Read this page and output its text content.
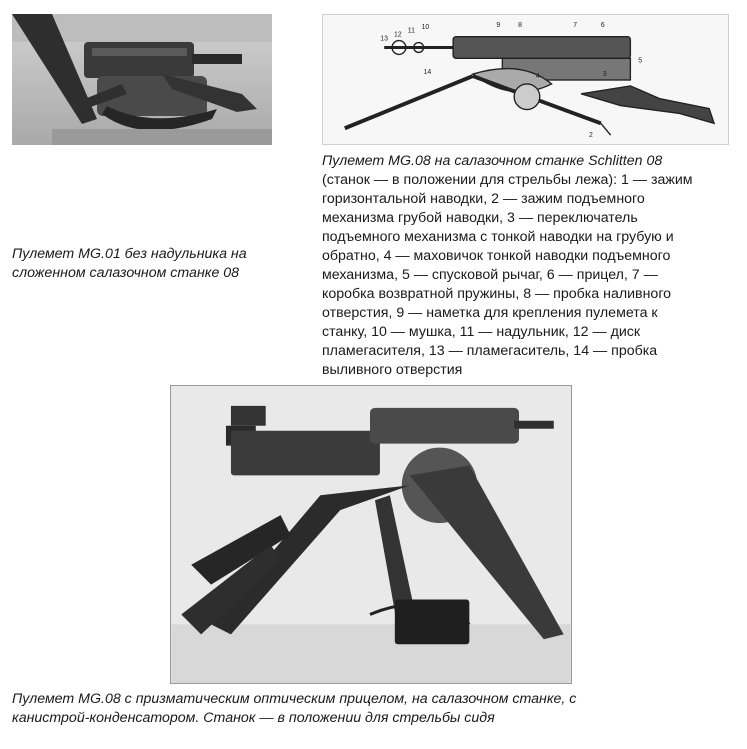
13
12
11
10
14
9	8	7	6
5
4	3
2
Пулемет MG.01 без надульника на
сложенном салазочном станке 08
Пулемет MG.08 на салазочном станке Schlitten 08
(станок — в положении для стрельбы лежа): 1 — зажим
горизонтальной наводки, 2 — зажим подъемного
механизма грубой наводки, 3 — переключатель
подъемного механизма с тонкой наводки на грубую и
обратно, 4 — маховичок тонкой наводки подъемного
механизма, 5 — спусковой рычаг, 6 — прицел, 7 —
коробка возвратной пружины, 8 — пробка наливного
отверстия, 9 — наметка для крепления пулемета к
станку, 10 — мушка, 11 — надульник, 12 — диск
пламегасителя, 13 — пламегаситель, 14 — пробка
выливного отверстия
Пулемет MG.08 с призматическим оптическим прицелом, на салазочном станке, с
канистрой-конденсатором. Станок — в положении для стрельбы сидя
